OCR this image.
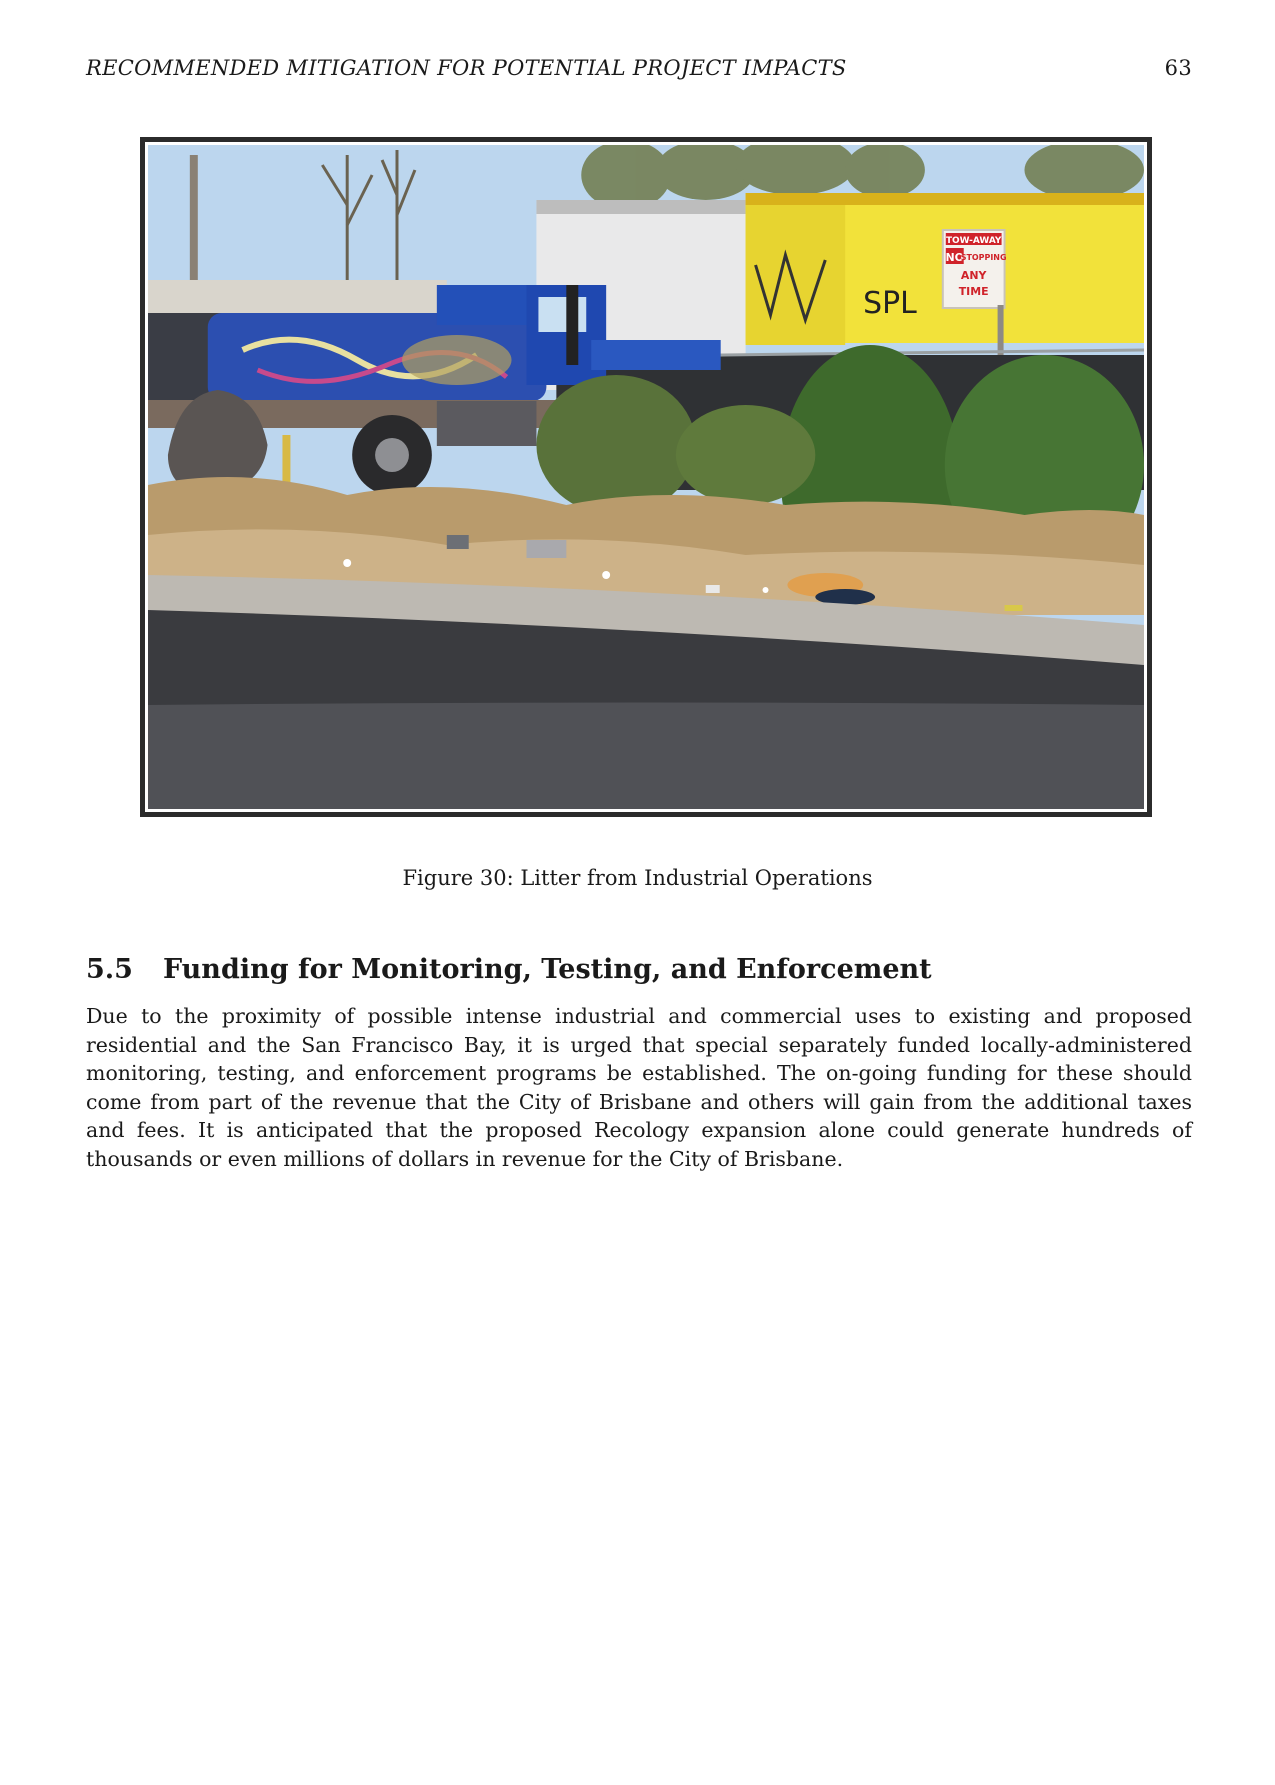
RECOMMENDED MITIGATION FOR POTENTIAL PROJECT IMPACTS	63
SPL
TOW-AWAY
NO
STOPPING
ANY
TIME
Figure 30: Litter from Industrial Operations
5.5 Funding for Monitoring, Testing, and Enforcement

Due to the proximity of possible intense industrial and commercial uses to existing and proposed residential and the San Francisco Bay, it is urged that special separately funded locally-administered monitoring, testing, and enforcement programs be established. The on-going funding for these should come from part of the revenue that the City of Brisbane and others will gain from the additional taxes and fees. It is anticipated that the proposed Recology expansion alone could generate hundreds of thousands or even millions of dollars in revenue for the City of Brisbane.
